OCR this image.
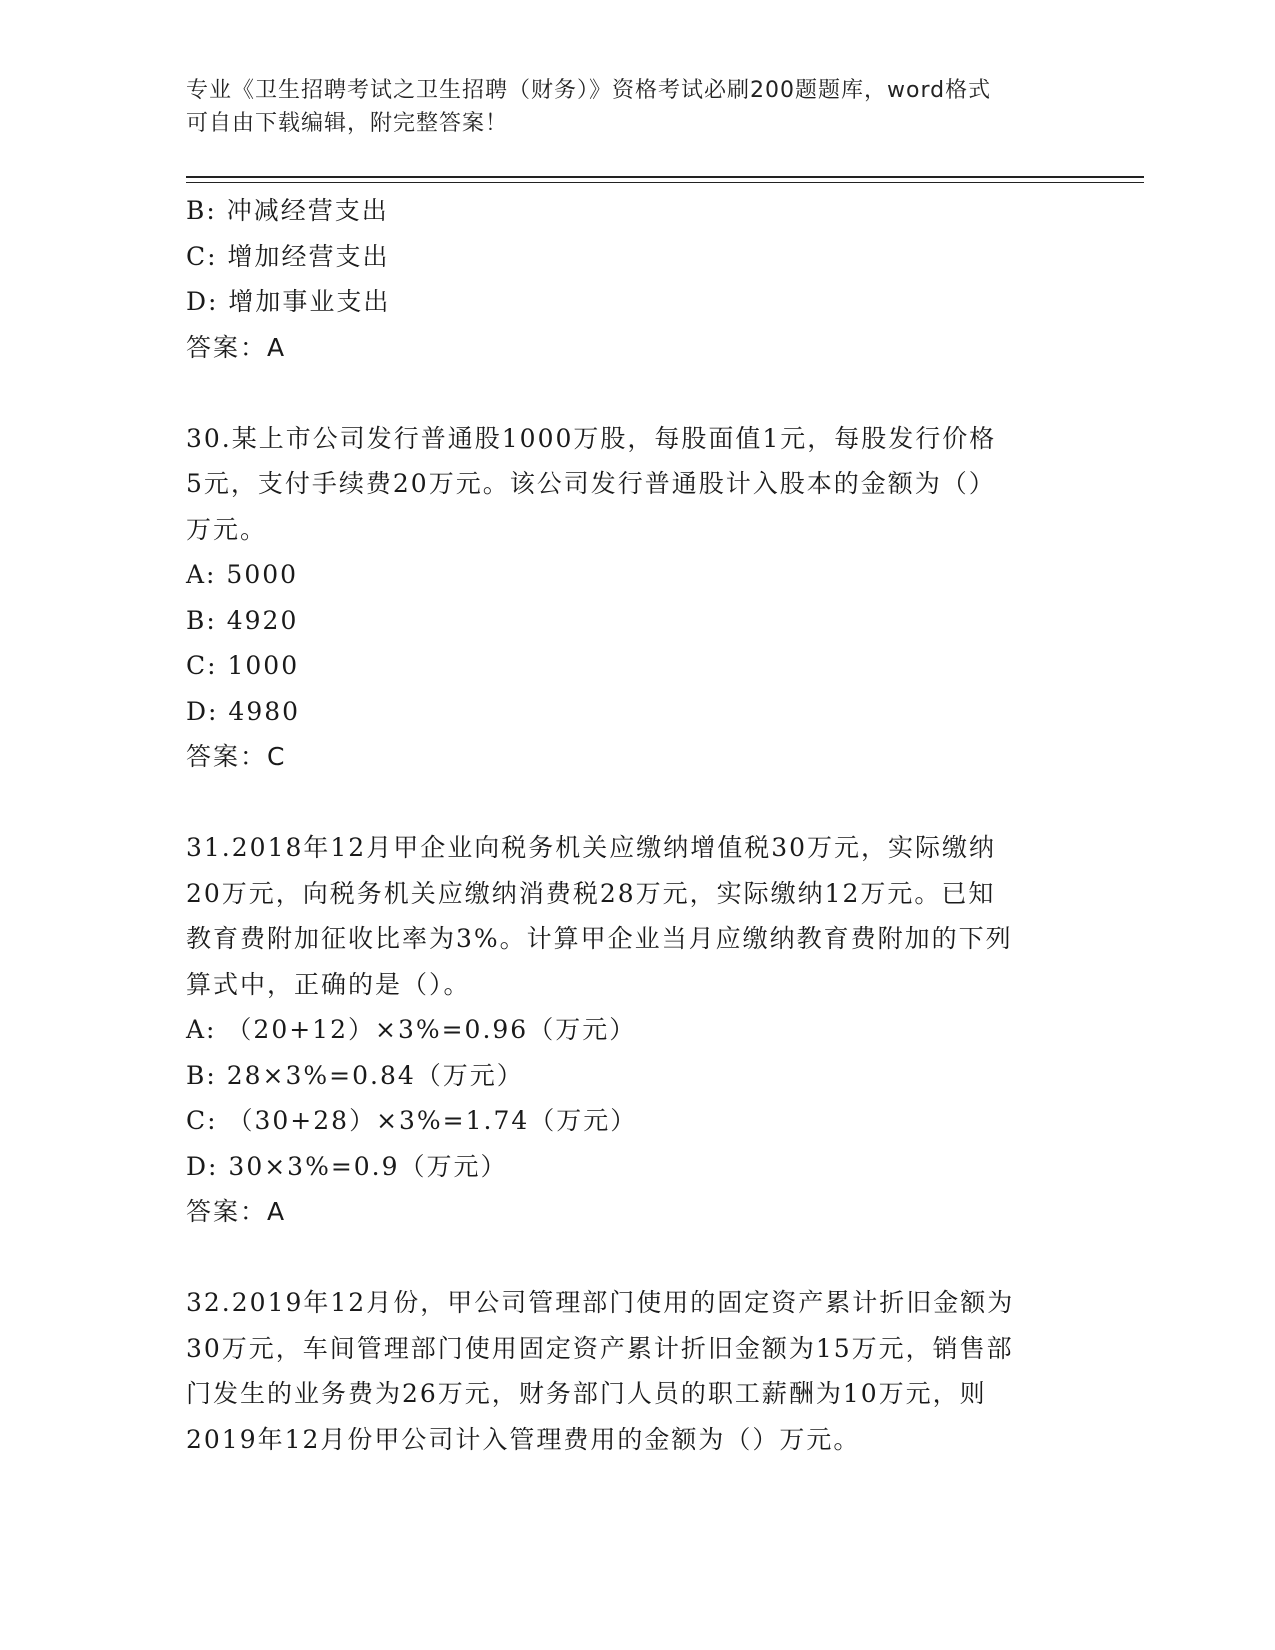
专业《卫生招聘考试之卫生招聘（财务）》资格考试必刷200题题库，word格式
可自由下载编辑，附完整答案！
B: 冲减经营支出
C: 增加经营支出
D: 增加事业支出
答案：A
30.某上市公司发行普通股1000万股，每股面值1元，每股发行价格
5元，支付手续费20万元。该公司发行普通股计入股本的金额为（）
万元。
A: 5000
B: 4920
C: 1000
D: 4980
答案：C
31.2018年12月甲企业向税务机关应缴纳增值税30万元，实际缴纳
20万元，向税务机关应缴纳消费税28万元，实际缴纳12万元。已知
教育费附加征收比率为3%。计算甲企业当月应缴纳教育费附加的下列
算式中，正确的是（）。
A: （20+12）×3%=0.96（万元）
B: 28×3%=0.84（万元）
C: （30+28）×3%=1.74（万元）
D: 30×3%=0.9（万元）
答案：A
32.2019年12月份，甲公司管理部门使用的固定资产累计折旧金额为
30万元，车间管理部门使用固定资产累计折旧金额为15万元，销售部
门发生的业务费为26万元，财务部门人员的职工薪酬为10万元，则
2019年12月份甲公司计入管理费用的金额为（）万元。
